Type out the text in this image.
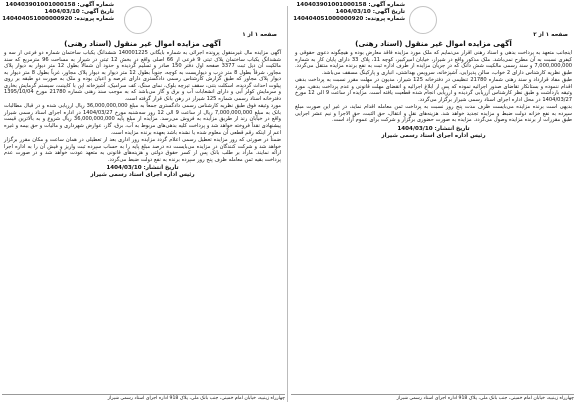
شماره آگهی: 140403901001000158
تاریخ آگهی: 1404/03/10
شماره پرونده: 140404051000000920
صفحه ۱ از ۱
آگهی مزایده اموال غیر منقول (اسناد رهنی)

آگهی مزایده مال غیرمنقول پرونده اجرائی به شماره بایگانی 140001225 ششدانگ یکباب ساختمان شماره دو فرعی از سه و ششدانگ یکباب ساختمان پلاک ثبتی 9 فرعی از 66 اصلی واقع در بخش 12 ثبتی در شیراز به مساحت 96 مترمربع که سند مالکیت آن ذیل ثبت 3377 صفحه اول دفتر 150 صادر و تسلیم گردیده و حدود آن شمالاً بطول 12 متر دیوار به دیوار پلاک مجاور، شرقاً بطول 8 متر درب و دیواریست به کوچه، جنوباً بطول 12 متر دیوار به دیوار پلاک مجاور، غرباً بطول 8 متر دیوار به دیوار پلاک مجاور که طبق گزارش کارشناس رسمی دادگستری دارای عرصه و اعیان بوده و ملک به صورت دو طبقه بر روی پیلوت احداث گردیده، اسکلت بتنی، سقف تیرچه بلوک، نمای سنگ، کف سرامیک، آشپزخانه اپن با کابینت، سیستم گرمایش بخاری و سرمایش کولر آبی و دارای انشعابات آب و برق و گاز می‌باشد که به موجب سند رهنی شماره 21780 مورخ 1395/10/04 دفترخانه اسناد رسمی شماره 125 شیراز در رهن بانک قرار گرفته است.

مورد وثیقه فوق طبق نظریه کارشناس رسمی دادگستری جمعاً به مبلغ 36,000,000,000 ریال ارزیابی شده و در قبال مطالبات بانک به مبلغ 7,000,000,000 ریال از ساعت 9 الی 12 روز سه‌شنبه مورخ 1404/03/27 در اداره اجرای اسناد رسمی شیراز واقع در خیابان زند از طریق مزایده به فروش می‌رسد. مزایده از مبلغ پایه 36,000,000,000 ریال شروع و به بالاترین قیمت پیشنهادی نقداً فروخته خواهد شد و پرداخت کلیه بدهی‌های مربوط به آب، برق، گاز، عوارض شهرداری و مالیات و حق بیمه و غیره اعم از اینکه رقم قطعی آن معلوم شده یا نشده باشد بعهده برنده مزایده است.

ضمناً در صورتی که روز مزایده تعطیل رسمی اعلام گردد مزایده روز اداری بعد از تعطیلی در همان ساعت و مکان مقرر برگزار خواهد شد و شرکت کنندگان در مزایده می‌بایست ده درصد مبلغ پایه را به حساب سپرده ثبت واریز و فیش آن را به اداره اجرا ارائه نمایند. مازاد بر طلب بانک پس از کسر حقوق دولتی و هزینه‌های قانونی به متعهد عودت خواهد شد و در صورت عدم پرداخت بقیه ثمن معامله ظرف پنج روز سپرده برنده به نفع دولت ضبط می‌گردد.

تاریخ انتشار: 1404/03/10
رئیس اداره اجرای اسناد رسمی شیراز
چهارراه زینبیه، خیابان امام خمینی، جنب بانک ملی، پلاک 918 اداره اجرای اسناد رسمی شیراز
شماره آگهی: 140403901001000158
تاریخ آگهی: 1404/03/10
شماره پرونده: 140404051000000920
صفحه ۱ از ۲
آگهی مزایده اموال غیر منقول (اسناد رهنی)

اینجانب متعهد به پرداخت بدهی و اسناد رهنی اقرار می‌نمایم که ملک مورد مزایده فاقد معارض بوده و هیچگونه دعوی حقوقی و کیفری نسبت به آن مطرح نمی‌باشد. ملک مذکور واقع در شیراز، خیابان امیرکبیر، کوچه 11، پلاک 33 دارای پایان کار به شماره 7,000,000,000 و سند رسمی مالکیت شش دانگ که در جریان مزایده از طرف اداره ثبت به نفع برنده مزایده منتقل می‌گردد. طبق نظریه کارشناس دارای 2 خواب، سالن پذیرایی، آشپزخانه، سرویس بهداشتی، انباری و پارکینگ مسقف می‌باشد.

طبق مفاد قرارداد و سند رهنی شماره 21780 تنظیمی در دفترخانه 125 شیراز، مدیون در مهلت مقرر نسبت به پرداخت بدهی اقدام ننموده و بستانکار تقاضای صدور اجرائیه نموده که پس از ابلاغ اجرائیه و انقضای مهلت قانونی و عدم پرداخت بدهی، مورد وثیقه بازداشت و طبق نظر کارشناس ارزیابی گردیده و ارزیابی انجام شده قطعیت یافته است. مزایده از ساعت 9 الی 12 مورخ 1404/03/27 در محل اداره اجرای اسناد رسمی شیراز برگزار می‌گردد.

بدیهی است برنده مزایده می‌بایست ظرف مدت پنج روز نسبت به پرداخت ثمن معامله اقدام نماید، در غیر این صورت مبلغ سپرده به نفع خزانه دولت ضبط و مزایده تجدید خواهد شد. هزینه‌های نقل و انتقال، حق الثبت، حق الاجرا و نیم عشر اجرایی طبق مقررات از برنده مزایده وصول می‌گردد. مزایده به صورت حضوری برگزار و شرکت برای عموم آزاد است.

تاریخ انتشار: 1404/03/10
رئیس اداره اجرای اسناد رسمی شیراز
چهارراه زینبیه، خیابان امام خمینی، جنب بانک ملی، پلاک 918 اداره اجرای اسناد رسمی شیراز
